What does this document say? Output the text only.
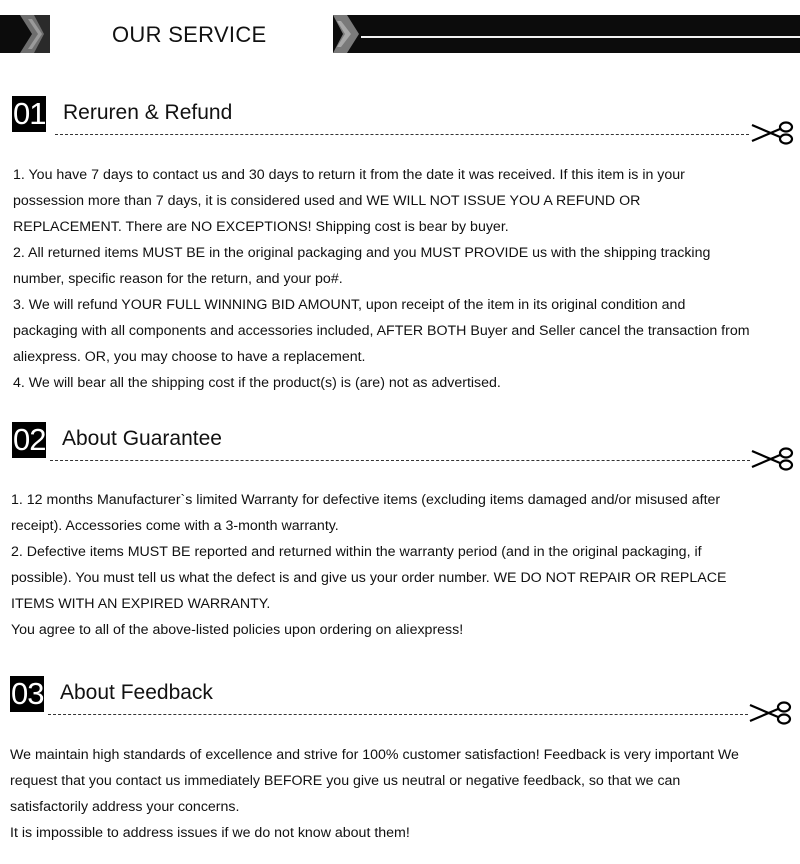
OUR SERVICE
01 Reruren & Refund

1. You have 7 days to contact us and 30 days to return it from the date it was received. If this item is in your

possession more than 7 days, it is considered used and WE WILL NOT ISSUE YOU A REFUND OR

REPLACEMENT. There are NO EXCEPTIONS! Shipping cost is bear by buyer.

2. All returned items MUST BE in the original packaging and you MUST PROVIDE us with the shipping tracking

number, specific reason for the return, and your po#.

3. We will refund YOUR FULL WINNING BID AMOUNT, upon receipt of the item in its original condition and

packaging with all components and accessories included, AFTER BOTH Buyer and Seller cancel the transaction from

aliexpress. OR, you may choose to have a replacement.

4. We will bear all the shipping cost if the product(s) is (are) not as advertised.

02 About Guarantee

1. 12 months Manufacturer`s limited Warranty for defective items (excluding items damaged and/or misused after

receipt). Accessories come with a 3-month warranty.

2. Defective items MUST BE reported and returned within the warranty period (and in the original packaging, if

possible). You must tell us what the defect is and give us your order number. WE DO NOT REPAIR OR REPLACE

ITEMS WITH AN EXPIRED WARRANTY.

You agree to all of the above-listed policies upon ordering on aliexpress!

03 About Feedback

We maintain high standards of excellence and strive for 100% customer satisfaction! Feedback is very important We

request that you contact us immediately BEFORE you give us neutral or negative feedback, so that we can

satisfactorily address your concerns.

It is impossible to address issues if we do not know about them!
